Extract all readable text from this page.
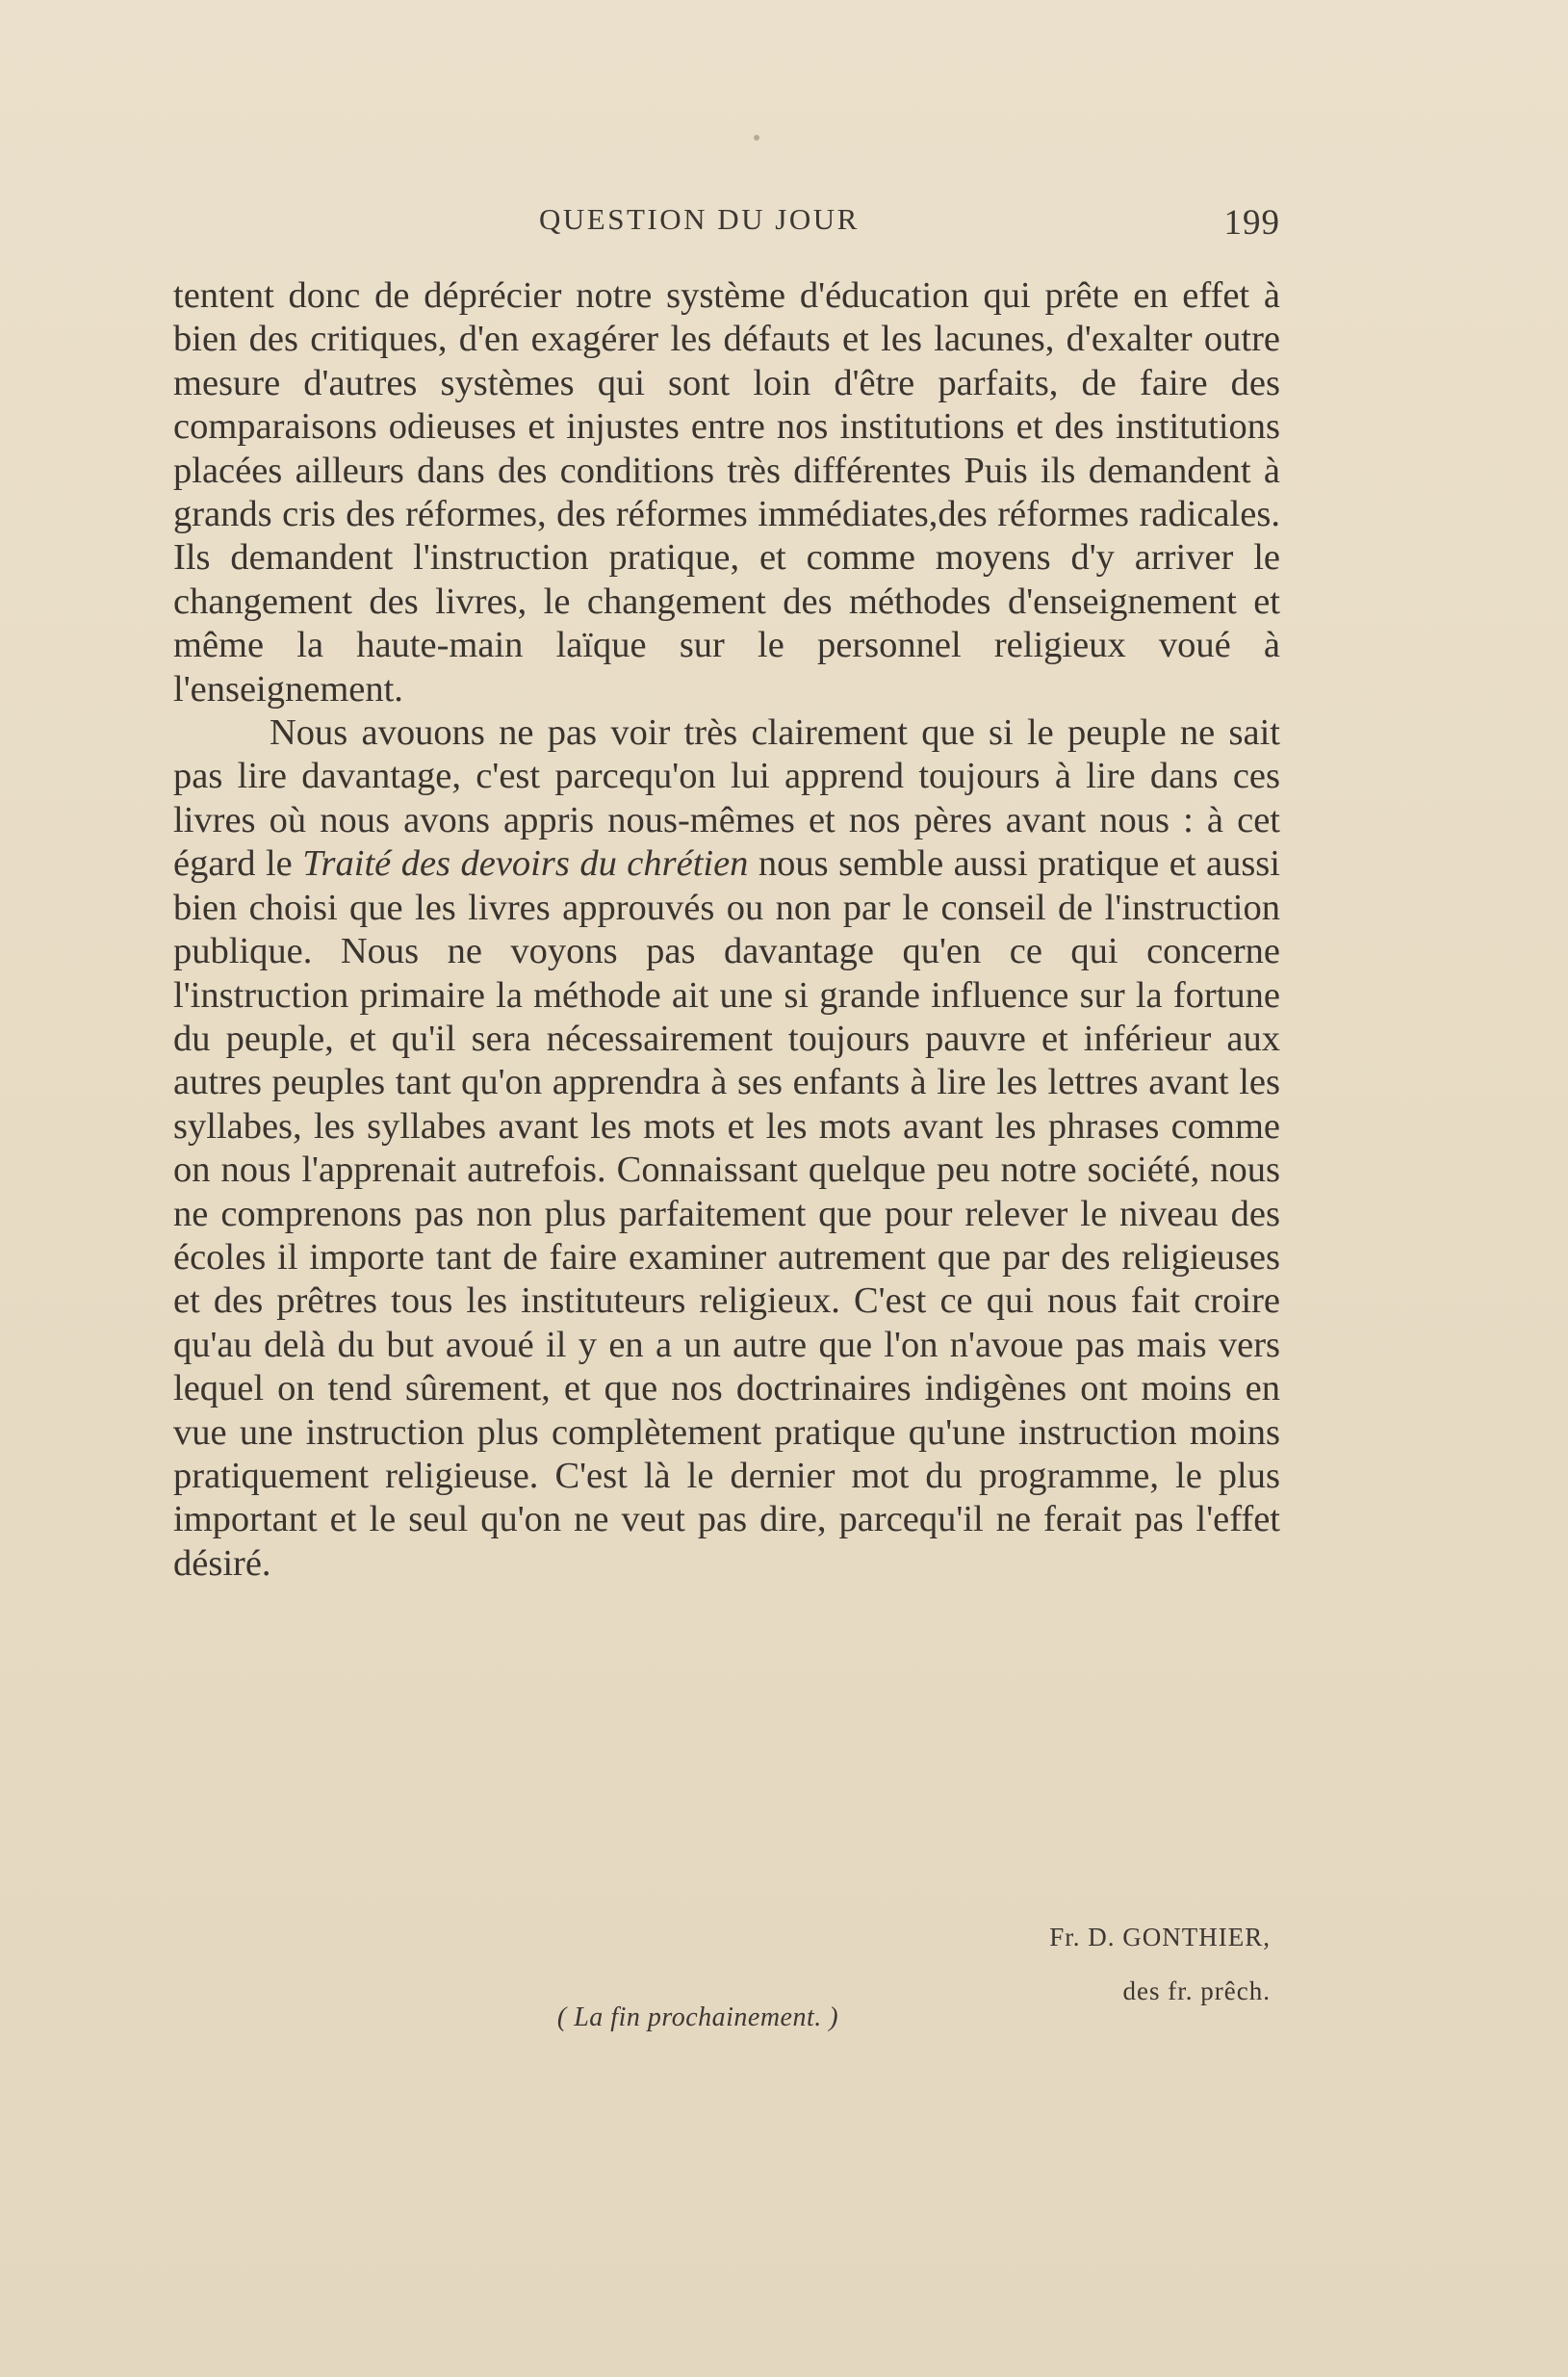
QUESTION DU JOUR	199

tentent donc de déprécier notre système d'éducation qui prête en effet à bien des critiques, d'en exagérer les défauts et les lacunes, d'exalter outre mesure d'autres systèmes qui sont loin d'être parfaits, de faire des comparaisons odieuses et injustes entre nos institutions et des institutions placées ailleurs dans des conditions très différentes Puis ils demandent à grands cris des réformes, des réformes immédiates,des réformes radicales. Ils demandent l'instruction pratique, et comme moyens d'y arriver le changement des livres, le changement des méthodes d'enseignement et même la haute-main laïque sur le personnel religieux voué à l'enseignement.

Nous avouons ne pas voir très clairement que si le peuple ne sait pas lire davantage, c'est parcequ'on lui apprend toujours à lire dans ces livres où nous avons appris nous-mêmes et nos pères avant nous : à cet égard le Traité des devoirs du chrétien nous semble aussi pratique et aussi bien choisi que les livres approuvés ou non par le conseil de l'instruction publique. Nous ne voyons pas davantage qu'en ce qui concerne l'instruction primaire la méthode ait une si grande influence sur la fortune du peuple, et qu'il sera nécessairement toujours pauvre et inférieur aux autres peuples tant qu'on apprendra à ses enfants à lire les lettres avant les syllabes, les syllabes avant les mots et les mots avant les phrases comme on nous l'apprenait autrefois. Connaissant quelque peu notre société, nous ne comprenons pas non plus parfaitement que pour relever le niveau des écoles il importe tant de faire examiner autrement que par des religieuses et des prêtres tous les instituteurs religieux. C'est ce qui nous fait croire qu'au delà du but avoué il y en a un autre que l'on n'avoue pas mais vers lequel on tend sûrement, et que nos doctrinaires indigènes ont moins en vue une instruction plus complètement pratique qu'une instruction moins pratiquement religieuse. C'est là le dernier mot du programme, le plus important et le seul qu'on ne veut pas dire, parcequ'il ne ferait pas l'effet désiré.

Fr. D. GONTHIER,
des fr. prêch.
( La fin prochainement. )
